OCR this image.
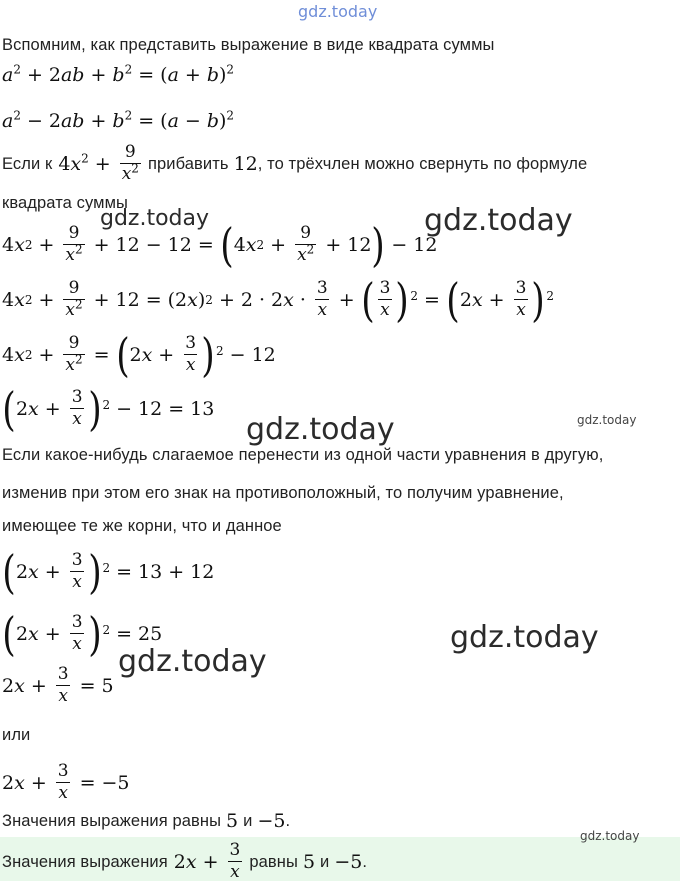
gdz.today
Вспомним, как представить выражение в виде квадрата суммы
$a^2 + 2ab + b^2 = (a + b)^2$
$a^2 - 2ab + b^2 = (a - b)^2$
Если к $4x^2 + \frac{9}{x^2}$ прибавить 12 , то трёхчлен можно свернуть по формуле
квадрата суммы
4 x $2 + \frac{9}{x^2} + 12 - 12$ = ( 4 x $2 + \frac{9}{x^2} + 12$ ) − 12
4 x $2 + \frac{9}{x^2} + 12 = (2$ x ) 2 + 2 · 2 $x \cdot \frac{3}{x}$ + ( $\frac{3}{x}$ ) 2 = ( 2 $x + \frac{3}{x}$ ) 2
4 x $2 + \frac{9}{x^2}$ = ( 2 $x + \frac{3}{x}$ ) 2 − 12
( 2 $x + \frac{3}{x}$ ) 2 − 12 = 13
Если какое-нибудь слагаемое перенести из одной части уравнения в другую,
изменив при этом его знак на противоположный, то получим уравнение,
имеющее те же корни, что и данное
( 2 $x + \frac{3}{x}$ ) 2 = 13 + 12
( 2 $x + \frac{3}{x}$ ) 2 = 25
2 $x + \frac{3}{x} = 5$
или
2 $x + \frac{3}{x} = -5$
Значения выражения равны 5 и −5 .
Значения выражения $2x + \frac{3}{x}$ равны 5 и −5 .
gdz.today	gdz.today
gdz.today
gdz.today
gdz.today
gdz.today
gdz.today
